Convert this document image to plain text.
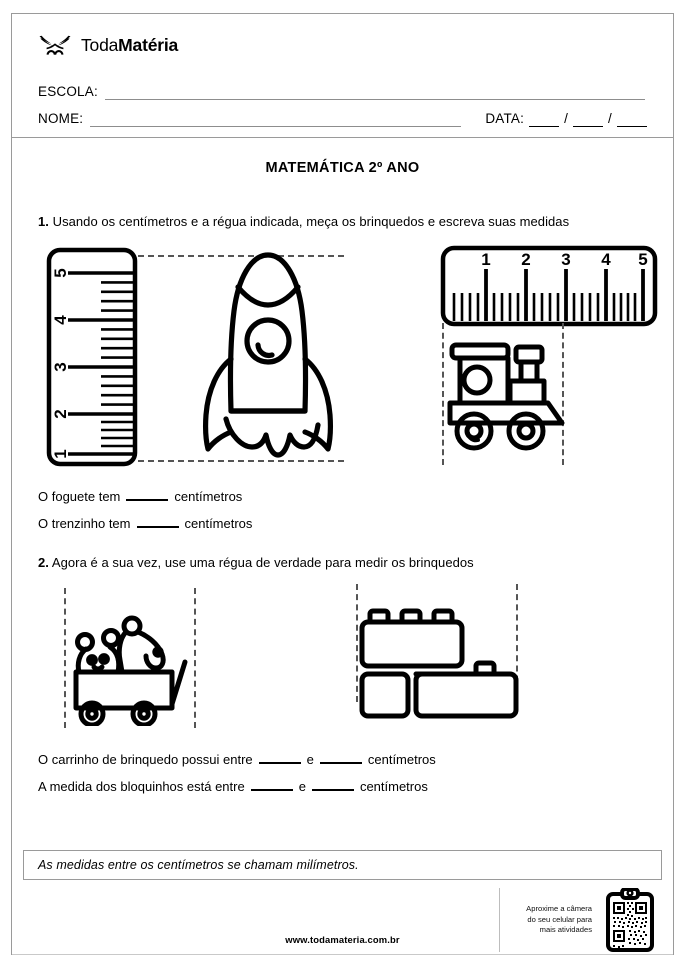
TodaMatéria
ESCOLA:
NOME:	DATA:	/	/
MATEMÁTICA 2º ANO
1. Usando os centímetros e a régua indicada, meça os brinquedos e escreva suas medidas
5
4
3
2
1
1 2 3 4 5
O foguete tem	centímetros
O trenzinho tem	centímetros
2. Agora é a sua vez, use uma régua de verdade para medir os brinquedos
O carrinho de brinquedo possui entre	e	centímetros
A medida dos bloquinhos está entre	e	centímetros
As medidas entre os centímetros se chamam milímetros.
Aproxime a câmera do seu celular para mais atividades
www.todamateria.com.br
